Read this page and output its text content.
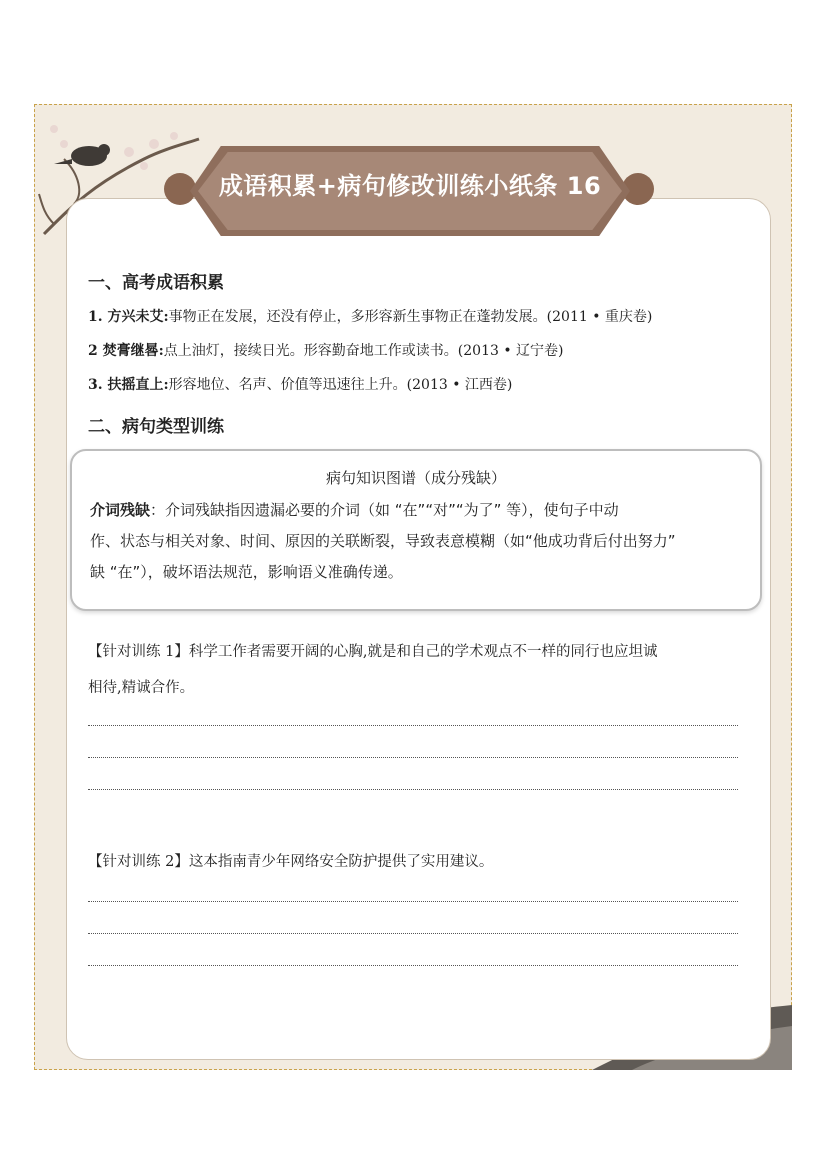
成语积累+病句修改训练小纸条 16
一、高考成语积累
1. 方兴未艾:事物正在发展，还没有停止，多形容新生事物正在蓬勃发展。(2011 • 重庆卷)
2 焚膏继晷:点上油灯，接续日光。形容勤奋地工作或读书。(2013 • 辽宁卷)
3. 扶摇直上:形容地位、名声、价值等迅速往上升。(2013 • 江西卷)
二、病句类型训练
病句知识图谱（成分残缺）
介词残缺：介词残缺指因遗漏必要的介词（如 “在”“对”“为了” 等），使句子中动
作、状态与相关对象、时间、原因的关联断裂，导致表意模糊（如“他成功背后付出努力”
缺 “在”），破坏语法规范，影响语义准确传递。
【针对训练 1】科学工作者需要开阔的心胸,就是和自己的学术观点不一样的同行也应坦诚
相待,精诚合作。
【针对训练 2】这本指南青少年网络安全防护提供了实用建议。
